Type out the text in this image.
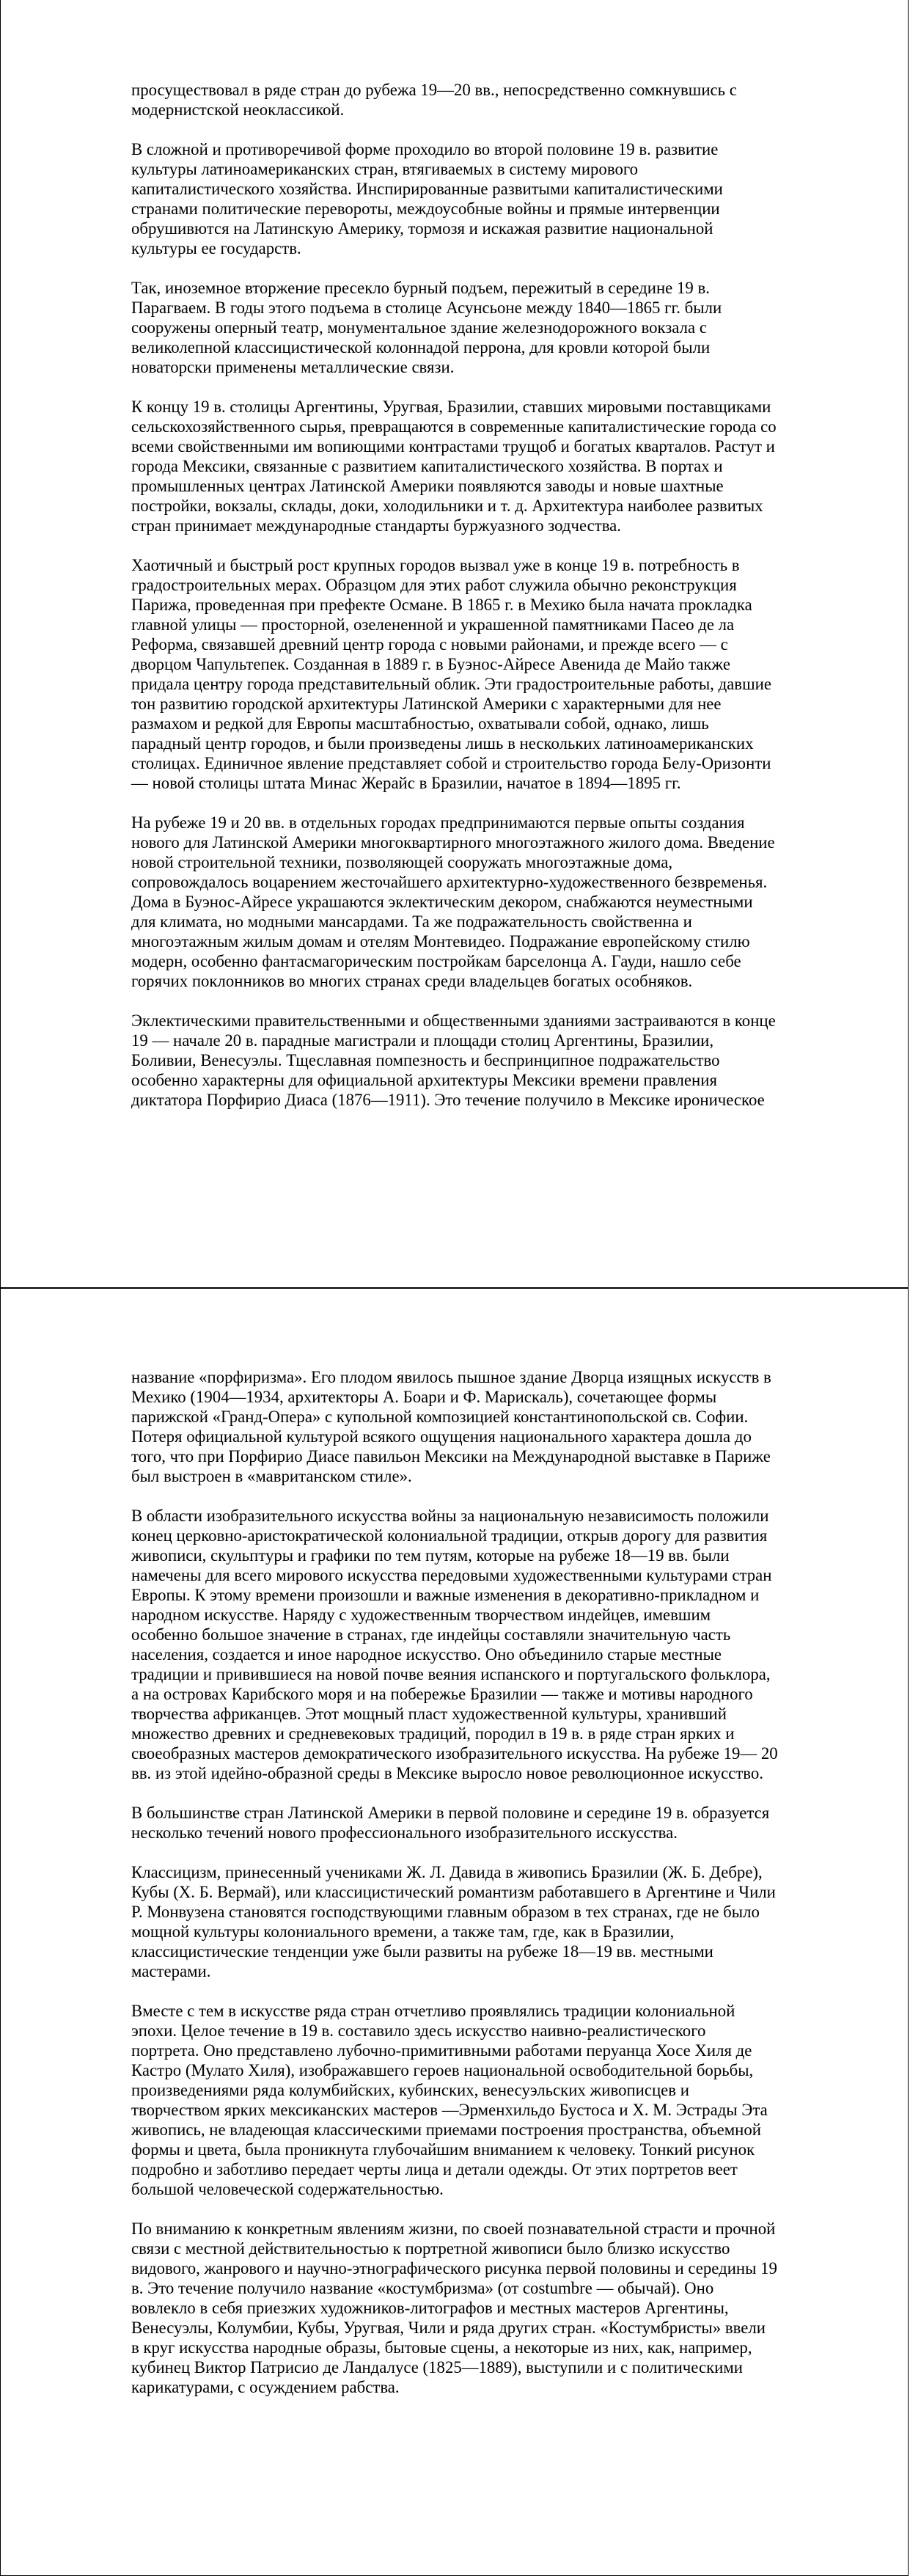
просуществовал в ряде стран до рубежа 19—20 вв., непосредственно сомкнувшись с
модернистской неоклассикой.

В сложной и противоречивой форме проходило во второй половине 19 в. развитие
культуры латиноамериканских стран, втягиваемых в систему мирового
капиталистического хозяйства. Инспирированные развитыми капиталистическими
странами политические перевороты, междоусобные войны и прямые интервенции
обрушивются на Латинскую Америку, тормозя и искажая развитие национальной
культуры ее государств.

Так, иноземное вторжение пресекло бурный подъем, пережитый в середине 19 в.
Парагваем. В годы этого подъема в столице Асунсьоне между 1840—1865 гг. были
сооружены оперный театр, монументальное здание железнодорожного вокзала с
великолепной классицистической колоннадой перрона, для кровли которой были
новаторски применены металлические связи.

К концу 19 в. столицы Аргентины, Уругвая, Бразилии, ставших мировыми поставщиками
сельскохозяйственного сырья, превращаются в современные капиталистические города со
всеми свойственными им вопиющими контрастами трущоб и богатых кварталов. Растут и
города Мексики, связанные с развитием капиталистического хозяйства. В портах и
промышленных центрах Латинской Америки появляются заводы и новые шахтные
постройки, вокзалы, склады, доки, холодильники и т. д. Архитектура наиболее развитых
стран принимает международные стандарты буржуазного зодчества.

Хаотичный и быстрый рост крупных городов вызвал уже в конце 19 в. потребность в
градостроительных мерах. Образцом для этих работ служила обычно реконструкция
Парижа, проведенная при префекте Османе. В 1865 г. в Мехико была начата прокладка
главной улицы — просторной, озелененной и украшенной памятниками Пасео де ла
Реформа, связавшей древний центр города с новыми районами, и прежде всего — с
дворцом Чапультепек. Созданная в 1889 г. в Буэнос-Айресе Авенида де Майо также
придала центру города представительный облик. Эти градостроительные работы, давшие
тон развитию городской архитектуры Латинской Америки с характерными для нее
размахом и редкой для Европы масштабностью, охватывали собой, однако, лишь
парадный центр городов, и были произведены лишь в нескольких латиноамериканских
столицах. Единичное явление представляет собой и строительство города Белу-Оризонти
— новой столицы штата Минас Жерайс в Бразилии, начатое в 1894—1895 гг.

На рубеже 19 и 20 вв. в отдельных городах предпринимаются первые опыты создания
нового для Латинской Америки многоквартирного многоэтажного жилого дома. Введение
новой строительной техники, позволяющей сооружать многоэтажные дома,
сопровождалось воцарением жесточайшего архитектурно-художественного безвремeнья.
Дома в Буэнос-Айресе украшаются эклектическим декором, снабжаются неуместными
для климата, но модными мансардами. Та же подражательность свойственна и
многоэтажным жилым домам и отелям Монтевидео. Подражание европейскому стилю
модерн, особенно фантасмагорическим постройкам барселонца А. Гауди, нашло себе
горячих поклонников во многих странах среди владельцев богатых особняков.

Эклектическими правительственными и общественными зданиями застраиваются в конце
19 — начале 20 в. парадные магистрали и площади столиц Аргентины, Бразилии,
Боливии, Венесуэлы. Тщеславная помпезность и беспринципное подражательство
особенно характерны для официальной архитектуры Мексики времени правления
диктатора Порфирио Диаса (1876—1911). Это течение получило в Мексике ироническое

название «порфиризма». Его плодом явилось пышное здание Дворца изящных искусств в
Мехико (1904—1934, архитекторы А. Боари и Ф. Марискаль), сочетающее формы
парижской «Гранд-Опера» с купольной композицией константинопольской св. Софии.
Потеря официальной культурой всякого ощущения национального характера дошла до
того, что при Порфирио Диасе павильон Мексики на Международной выставке в Париже
был выстроен в «мавританском стиле».

В области изобразительного искусства войны за национальную независимость положили
конец церковно-аристократической колониальной традиции, открыв дорогу для развития
живописи, скульптуры и графики по тем путям, которые на рубеже 18—19 вв. были
намечены для всего мирового искусства передовыми художественными культурами стран
Европы. К этому времени произошли и важные изменения в декоративно-прикладном и
народном искусстве. Наряду с художественным творчеством индейцев, имевшим
особенно большое значение в странах, где индейцы составляли значительную часть
населения, создается и иное народное искусство. Оно объединило старые местные
традиции и привившиеся на новой почве веяния испанского и португальского фольклора,
а на островах Карибского моря и на побережье Бразилии — также и мотивы народного
творчества африканцев. Этот мощный пласт художественной культуры, хранивший
множество древних и средневековых традиций, породил в 19 в. в ряде стран ярких и
своеобразных мастеров демократического изобразительного искусства. На рубеже 19— 20
вв. из этой идейно-образной среды в Мексике выросло новое революционное искусство.

В большинстве стран Латинской Америки в первой половине и середине 19 в. образуется
несколько течений нового профессионального изобразительного исскусства.

Классицизм, принесенный учениками Ж. Л. Давида в живопись Бразилии (Ж. Б. Дебре),
Кубы (Х. Б. Вермай), или классицистический романтизм работавшего в Аргентине и Чили
Р. Монвузена становятся господствующими главным образом в тех странах, где не было
мощной культуры колониального времени, а также там, где, как в Бразилии,
классицистические тенденции уже были развиты на рубеже 18—19 вв. местными
мастерами.

Вместе с тем в искусстве ряда стран отчетливо проявлялись традиции колониальной
эпохи. Целое течение в 19 в. составило здесь искусство наивно-реалистического
портрета. Оно представлено лубочно-примитивными работами перуанца Хосе Хиля де
Кастро (Мулато Хиля), изображавшего героев национальной освободительной борьбы,
произведениями ряда колумбийских, кубинских, венесуэльских живописцев и
творчеством ярких мексиканских мастеров —Эрменхильдо Бустоса и Х. М. Эстрады Эта
живопись, не владеющая классическими приемами построения пространства, объемной
формы и цвета, была проникнута глубочайшим вниманием к человеку. Тонкий рисунок
подробно и заботливо передает черты лица и детали одежды. От этих портретов веет
большой человеческой содержательностью.

По вниманию к конкретным явлениям жизни, по своей познавательной страсти и прочной
связи с местной действительностью к портретной живописи было близко искусство
видового, жанрового и научно-этнографического рисунка первой половины и середины 19
в. Это течение получило название «костумбризма» (от costumbre — обычай). Оно
вовлекло в себя приезжих художников-литографов и местных мастеров Аргентины,
Венесуэлы, Колумбии, Кубы, Уругвая, Чили и ряда других стран. «Костумбристы» ввели
в круг искусства народные образы, бытовые сцены, а некоторые из них, как, например,
кубинец Виктор Патрисио де Ландалусе (1825—1889), выступили и с политическими
карикатурами, с осуждением рабства.
